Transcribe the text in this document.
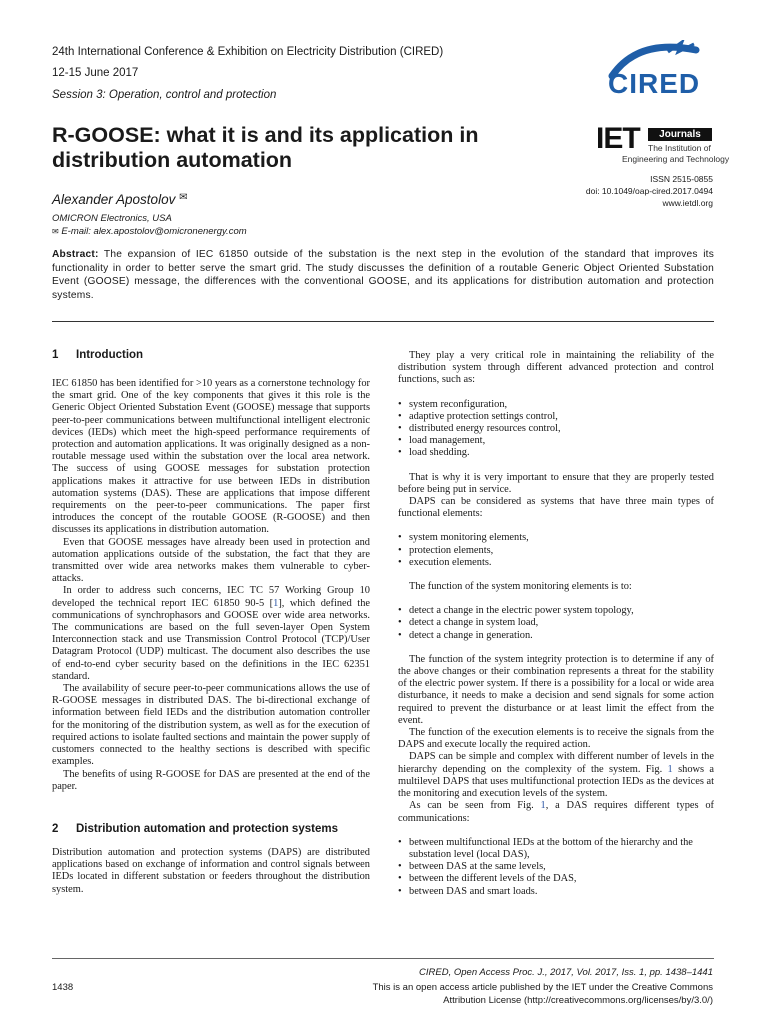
24th International Conference & Exhibition on Electricity Distribution (CIRED)
12-15 June 2017
Session 3: Operation, control and protection	CIRED
R-GOOSE: what it is and its application in distribution automation
IET	Journals
The Institution of
Engineering and Technology
ISSN 2515-0855
doi: 10.1049/oap-cired.2017.0494
www.ietdl.org
Alexander Apostolov ✉
OMICRON Electronics, USA
✉ E-mail: alex.apostolov@omicronenergy.com
Abstract: The expansion of IEC 61850 outside of the substation is the next step in the evolution of the standard that improves its functionality in order to better serve the smart grid. The study discusses the definition of a routable Generic Object Oriented Substation Event (GOOSE) message, the differences with the conventional GOOSE, and its applications for distribution automation and protection systems.
1 Introduction

IEC 61850 has been identified for >10 years as a cornerstone technology for the smart grid. One of the key components that gives it this role is the Generic Object Oriented Substation Event (GOOSE) message that supports peer-to-peer communications between multifunctional intelligent electronic devices (IEDs) which meet the high-speed performance requirements of protection and automation applications. It was originally designed as a non-routable message used within the substation over the local area network. The success of using GOOSE messages for substation protection applications makes it attractive for use between IEDs in distribution automation systems (DAS). These are applications that impose different requirements on the peer-to-peer communications. The paper first introduces the concept of the routable GOOSE (R-GOOSE) and then discusses its applications in distribution automation.

Even that GOOSE messages have already been used in protection and automation applications outside of the substation, the fact that they are transmitted over wide area networks makes them vulnerable to cyber-attacks.

In order to address such concerns, IEC TC 57 Working Group 10 developed the technical report IEC 61850 90-5 [1], which defined the communications of synchrophasors and GOOSE over wide area networks. The communications are based on the full seven-layer Open System Interconnection stack and use Transmission Control Protocol (TCP)/User Datagram Protocol (UDP) multicast. The document also describes the use of end-to-end cyber security based on the definitions in the IEC 62351 standard.

The availability of secure peer-to-peer communications allows the use of R-GOOSE messages in distributed DAS. The bi-directional exchange of information between field IEDs and the distribution automation controller for the monitoring of the distribution system, as well as for the execution of required actions to isolate faulted sections and maintain the power supply of customers connected to the healthy sections is described with specific examples.

The benefits of using R-GOOSE for DAS are presented at the end of the paper.

2 Distribution automation and protection systems

Distribution automation and protection systems (DAPS) are distributed applications based on exchange of information and control signals between IEDs located in different substation or feeders throughout the distribution system.

They play a very critical role in maintaining the reliability of the distribution system through different advanced protection and control functions, such as:

• system reconfiguration,
• adaptive protection settings control,
• distributed energy resources control,
• load management,
• load shedding.

That is why it is very important to ensure that they are properly tested before being put in service.

DAPS can be considered as systems that have three main types of functional elements:

• system monitoring elements,
• protection elements,
• execution elements.

The function of the system monitoring elements is to:

• detect a change in the electric power system topology,
• detect a change in system load,
• detect a change in generation.

The function of the system integrity protection is to determine if any of the above changes or their combination represents a threat for the stability of the electric power system. If there is a possibility for a local or wide area disturbance, it needs to make a decision and send signals for some action required to prevent the disturbance or at least limit the effect from the event.

The function of the execution elements is to receive the signals from the DAPS and execute locally the required action.

DAPS can be simple and complex with different number of levels in the hierarchy depending on the complexity of the system. Fig. 1 shows a multilevel DAPS that uses multifunctional protection IEDs as the devices at the monitoring and execution levels of the system.

As can be seen from Fig. 1, a DAS requires different types of communications:

• between multifunctional IEDs at the bottom of the hierarchy and the substation level (local DAS),
• between DAS at the same levels,
• between the different levels of the DAS,
• between DAS and smart loads.
CIRED, Open Access Proc. J., 2017, Vol. 2017, Iss. 1, pp. 1438–1441
1438	This is an open access article published by the IET under the Creative Commons
Attribution License (http://creativecommons.org/licenses/by/3.0/)
